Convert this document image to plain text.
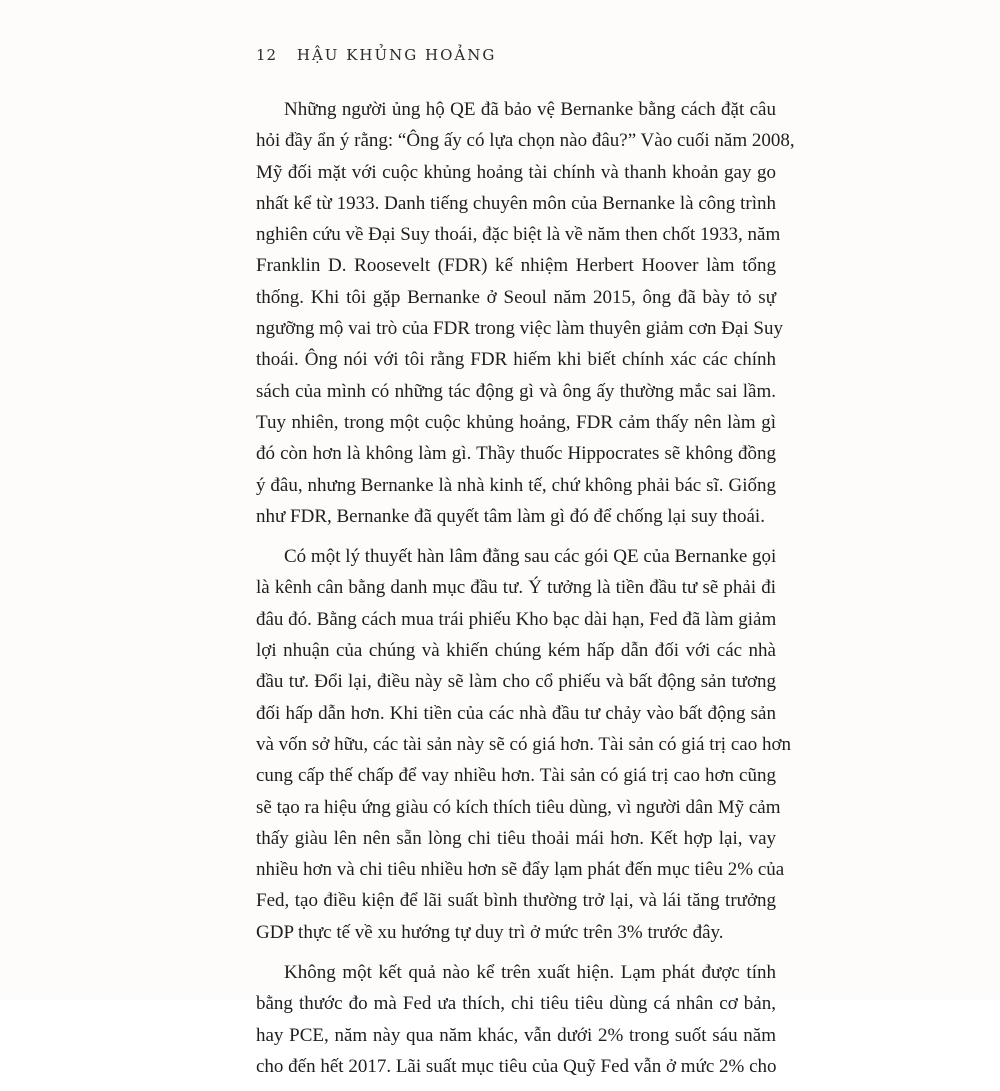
12 HẬU KHỦNG HOẢNG

Những người ủng hộ QE đã bảo vệ Bernanke bằng cách đặt câu
hỏi đầy ẩn ý rằng: “Ông ấy có lựa chọn nào đâu?” Vào cuối năm 2008,
Mỹ đối mặt với cuộc khủng hoảng tài chính và thanh khoản gay go
nhất kể từ 1933. Danh tiếng chuyên môn của Bernanke là công trình
nghiên cứu về Đại Suy thoái, đặc biệt là về năm then chốt 1933, năm
Franklin D. Roosevelt (FDR) kế nhiệm Herbert Hoover làm tổng
thống. Khi tôi gặp Bernanke ở Seoul năm 2015, ông đã bày tỏ sự
ngưỡng mộ vai trò của FDR trong việc làm thuyên giảm cơn Đại Suy
thoái. Ông nói với tôi rằng FDR hiếm khi biết chính xác các chính
sách của mình có những tác động gì và ông ấy thường mắc sai lầm.
Tuy nhiên, trong một cuộc khủng hoảng, FDR cảm thấy nên làm gì
đó còn hơn là không làm gì. Thầy thuốc Hippocrates sẽ không đồng
ý đâu, nhưng Bernanke là nhà kinh tế, chứ không phải bác sĩ. Giống
như FDR, Bernanke đã quyết tâm làm gì đó để chống lại suy thoái.

Có một lý thuyết hàn lâm đằng sau các gói QE của Bernanke gọi
là kênh cân bằng danh mục đầu tư. Ý tưởng là tiền đầu tư sẽ phải đi
đâu đó. Bằng cách mua trái phiếu Kho bạc dài hạn, Fed đã làm giảm
lợi nhuận của chúng và khiến chúng kém hấp dẫn đối với các nhà
đầu tư. Đổi lại, điều này sẽ làm cho cổ phiếu và bất động sản tương
đối hấp dẫn hơn. Khi tiền của các nhà đầu tư chảy vào bất động sản
và vốn sở hữu, các tài sản này sẽ có giá hơn. Tài sản có giá trị cao hơn
cung cấp thế chấp để vay nhiều hơn. Tài sản có giá trị cao hơn cũng
sẽ tạo ra hiệu ứng giàu có kích thích tiêu dùng, vì người dân Mỹ cảm
thấy giàu lên nên sẵn lòng chi tiêu thoải mái hơn. Kết hợp lại, vay
nhiều hơn và chi tiêu nhiều hơn sẽ đẩy lạm phát đến mục tiêu 2% của
Fed, tạo điều kiện để lãi suất bình thường trở lại, và lái tăng trưởng
GDP thực tế về xu hướng tự duy trì ở mức trên 3% trước đây.

Không một kết quả nào kể trên xuất hiện. Lạm phát được tính
bằng thước đo mà Fed ưa thích, chi tiêu tiêu dùng cá nhân cơ bản,
hay PCE, năm này qua năm khác, vẫn dưới 2% trong suốt sáu năm
cho đến hết 2017. Lãi suất mục tiêu của Quỹ Fed vẫn ở mức 2% cho
